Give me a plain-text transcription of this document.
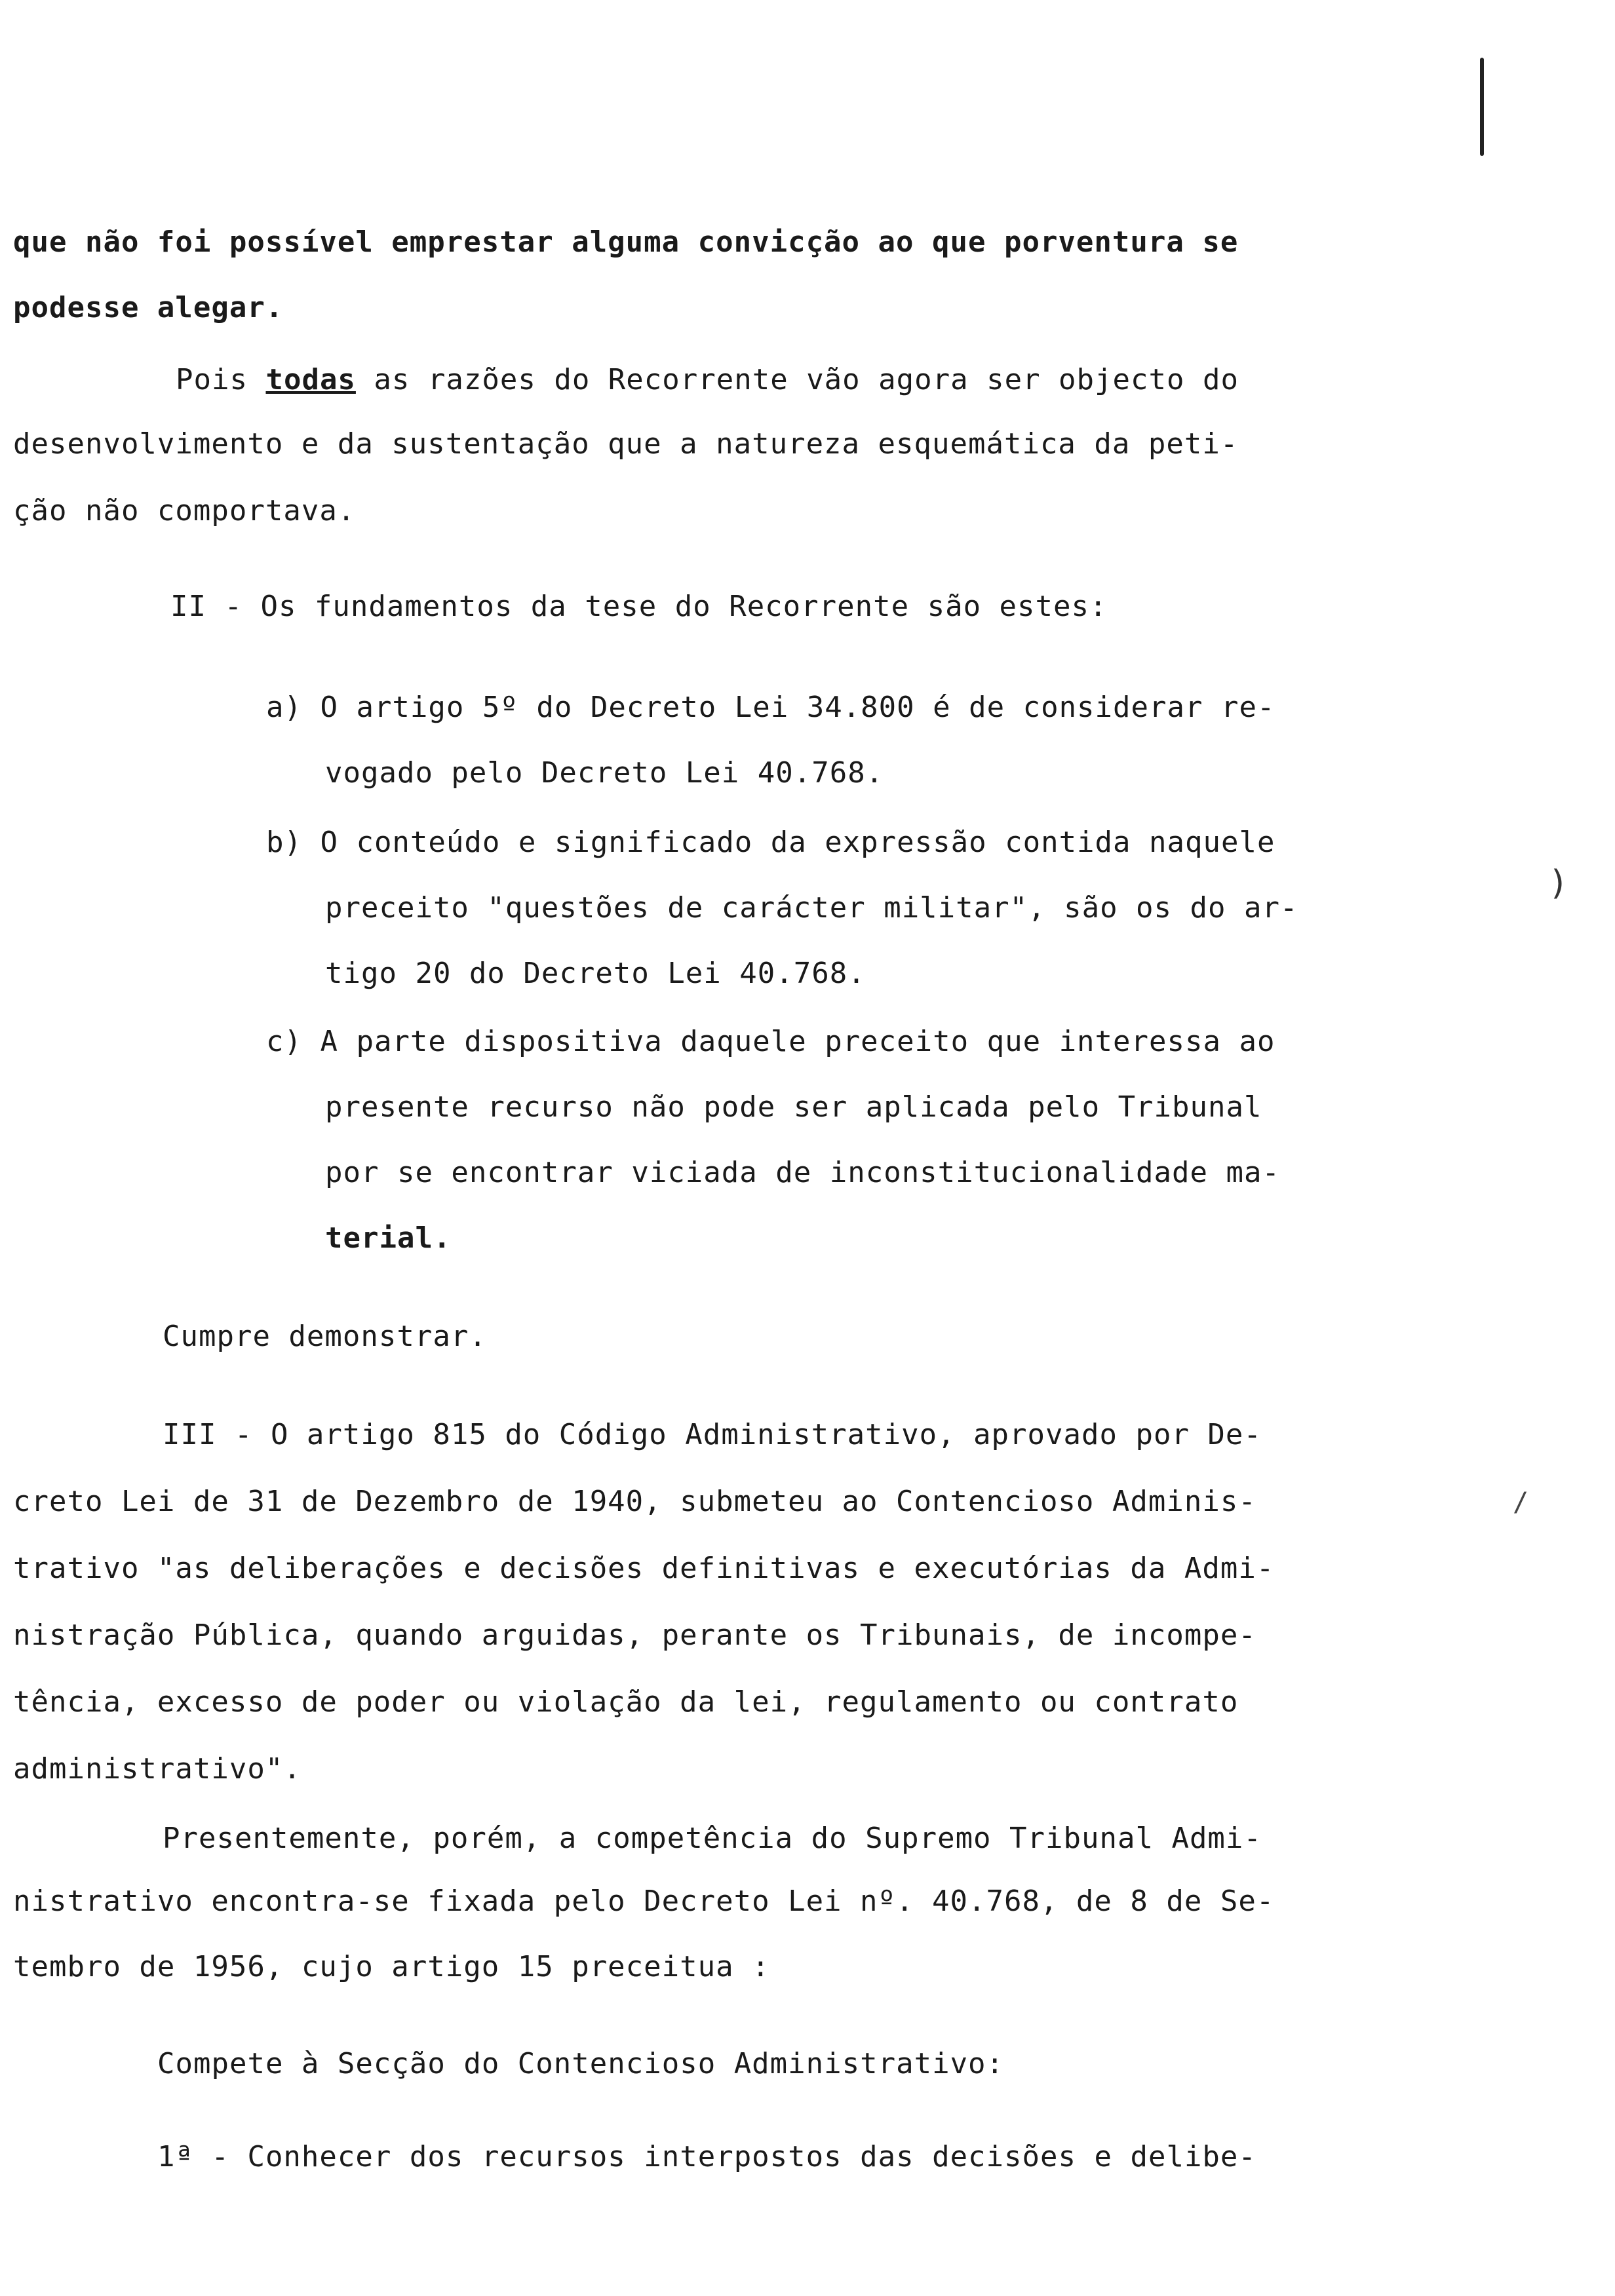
que não foi possível emprestar alguma convicção ao que porventura se
podesse alegar.
Pois todas as razões do Recorrente vão agora ser objecto do
desenvolvimento e da sustentação que a natureza esquemática da peti-
ção não comportava.
II - Os fundamentos da tese do Recorrente são estes:
a) O artigo 5º do Decreto Lei 34.800 é de considerar re-
vogado pelo Decreto Lei 40.768.
b) O conteúdo e significado da expressão contida naquele
preceito "questões de carácter militar", são os do ar-
tigo 20 do Decreto Lei 40.768.
c) A parte dispositiva daquele preceito que interessa ao
presente recurso não pode ser aplicada pelo Tribunal
por se encontrar viciada de inconstitucionalidade ma-
terial.
)
Cumpre demonstrar.
III - O artigo 815 do Código Administrativo, aprovado por De-
creto Lei de 31 de Dezembro de 1940, submeteu ao Contencioso Adminis-
trativo "as deliberações e decisões definitivas e executórias da Admi-
nistração Pública, quando arguidas, perante os Tribunais, de incompe-
tência, excesso de poder ou violação da lei, regulamento ou contrato
administrativo".
/
Presentemente, porém, a competência do Supremo Tribunal Admi-
nistrativo encontra-se fixada pelo Decreto Lei nº. 40.768, de 8 de Se-
tembro de 1956, cujo artigo 15 preceitua :
Compete à Secção do Contencioso Administrativo:
1ª - Conhecer dos recursos interpostos das decisões e delibe-
